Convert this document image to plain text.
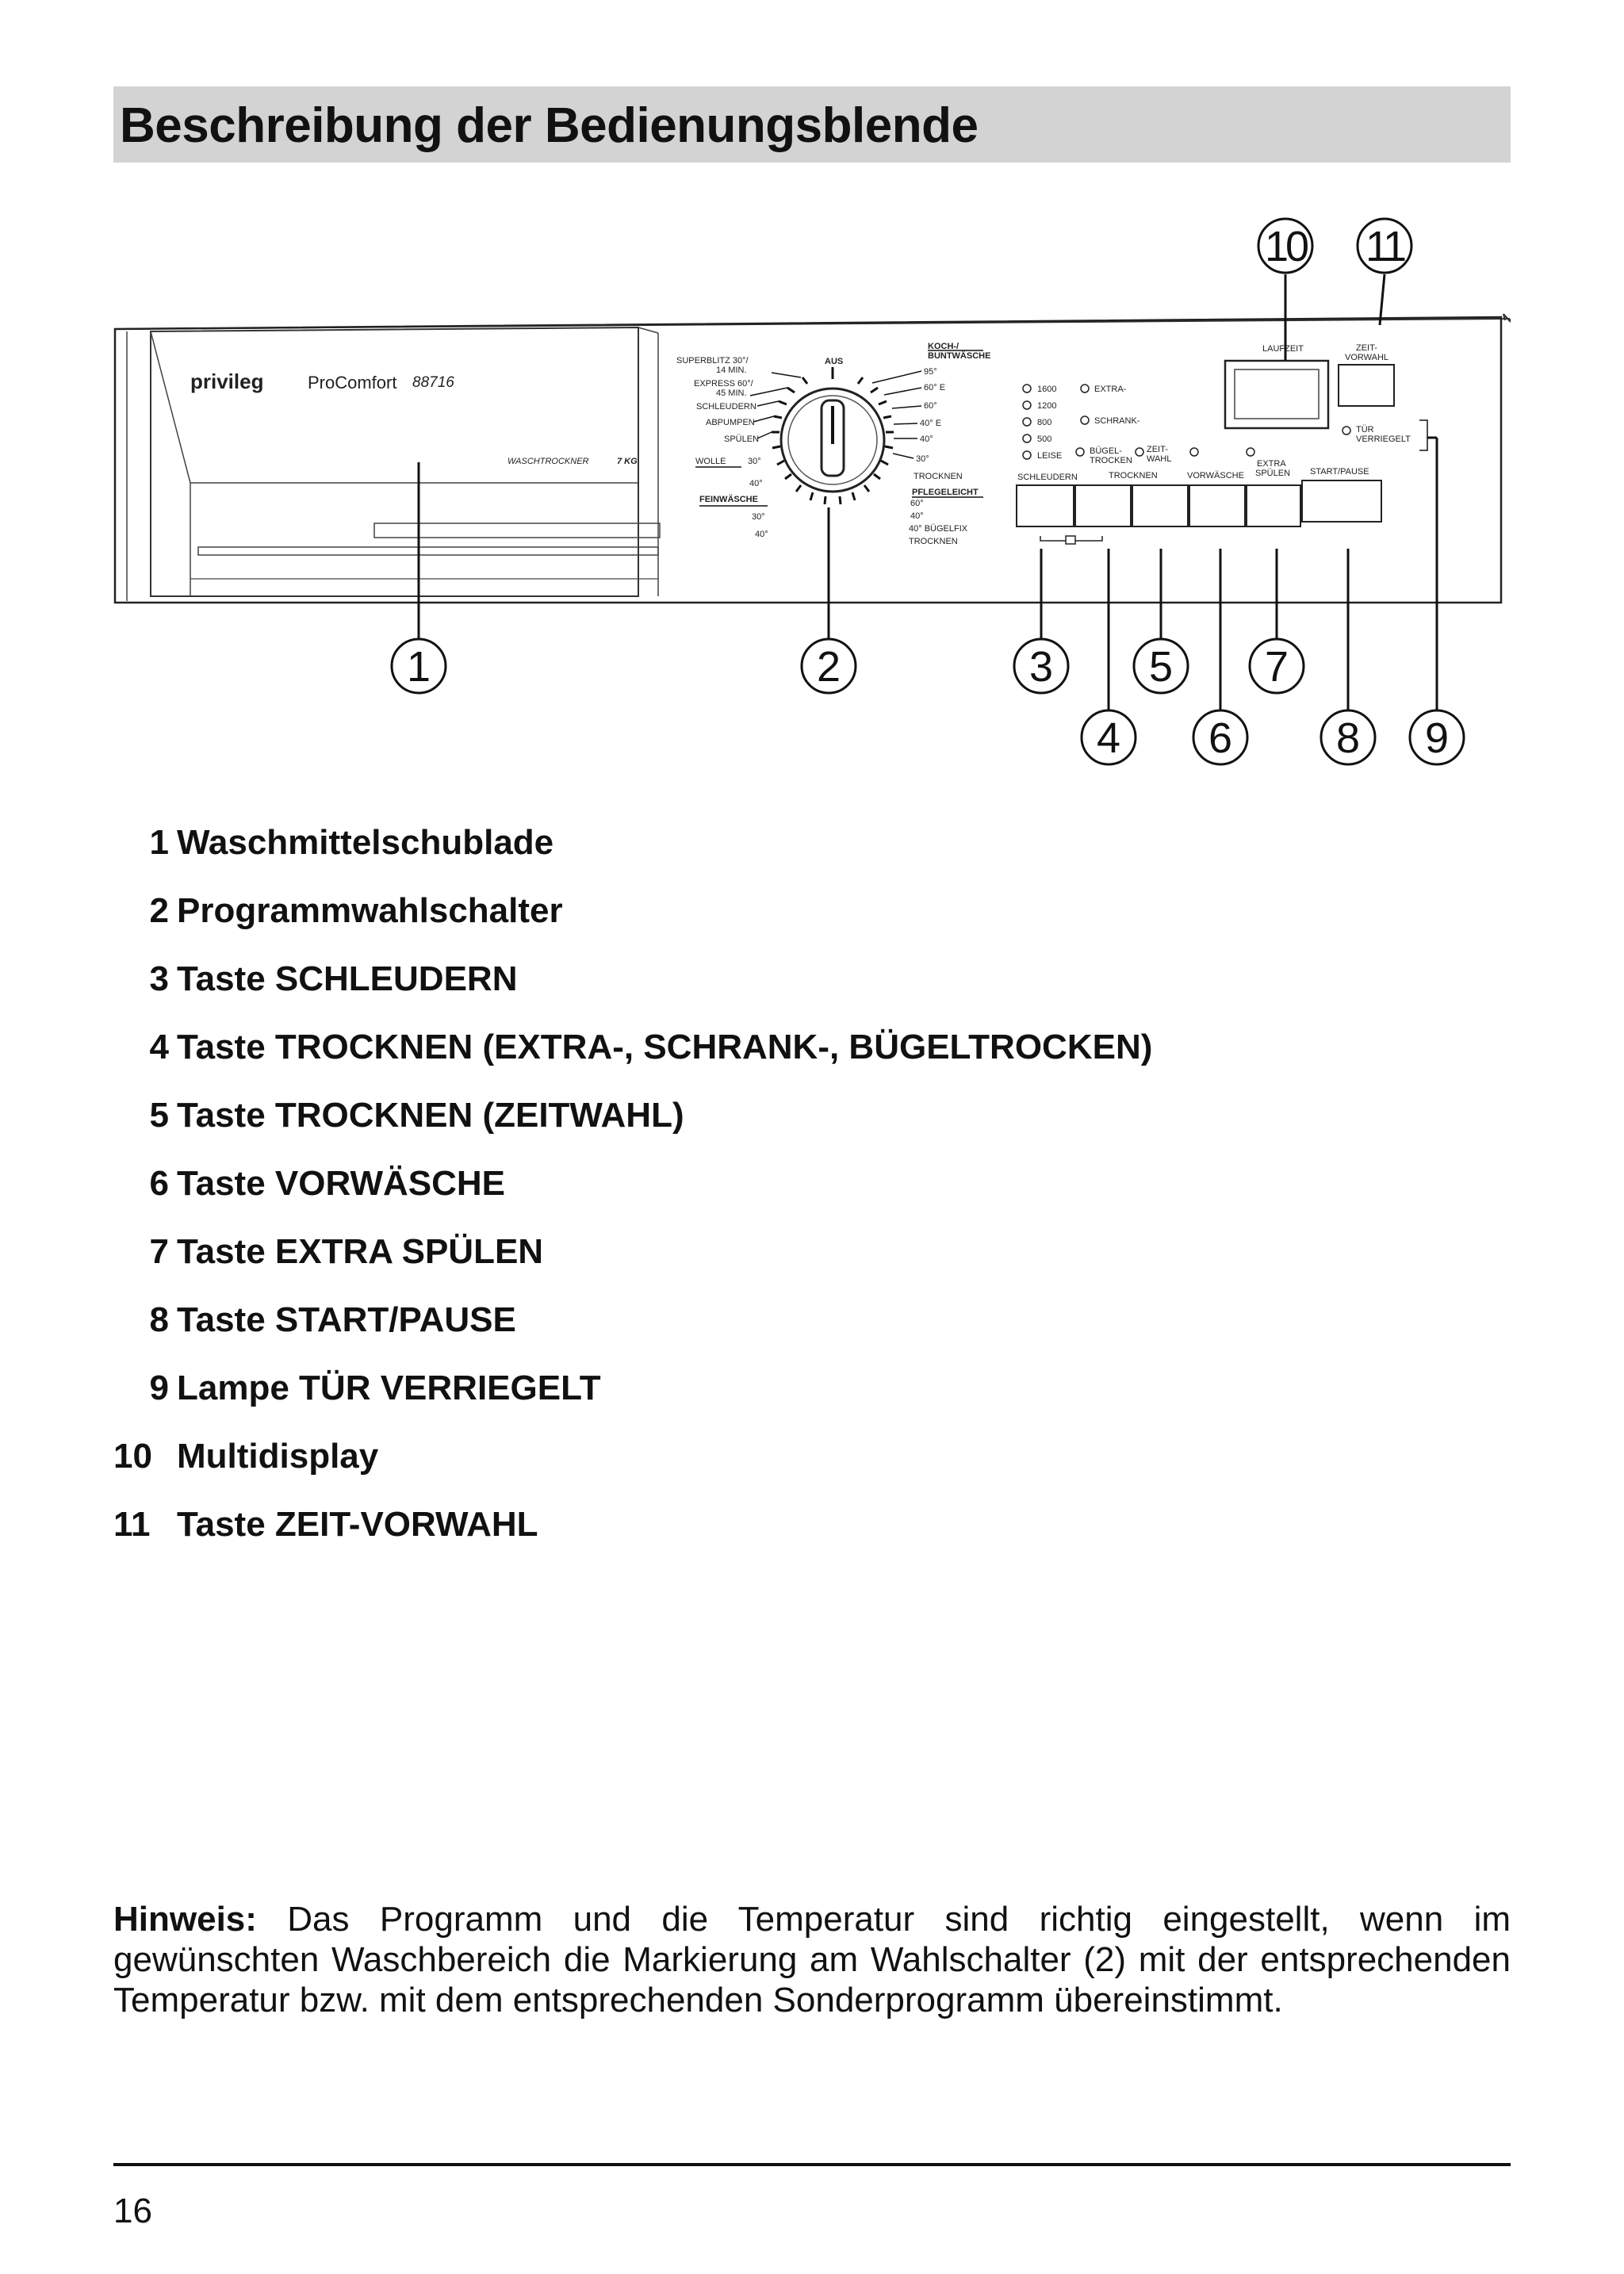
Beschreibung der Bedienungsblende
privileg	ProComfort 88716
WASCHTROCKNER	7 KG
AUS
SUPERBLITZ 30°/
14 MIN.
EXPRESS 60°/
45 MIN.
SCHLEUDERN
ABPUMPEN
SPÜLEN
WOLLE 30°
40°
FEINWÄSCHE
30°
40°
KOCH-/
BUNTWÄSCHE
95°
60° E
60°
40° E
40°
30°
TROCKNEN
PFLEGELEICHT
60°
40°
40° BÜGELFIX
TROCKNEN
1600
1200
800
500
LEISE
EXTRA-
SCHRANK-
BÜGEL-
TROCKEN
ZEIT-
WAHL
LAUFZEIT	ZEIT-
VORWAHL
TÜR
VERRIEGELT
SCHLEUDERN	TROCKNEN	VORWÄSCHE
EXTRA
SPÜLEN START/PAUSE
1	2	3
4
5
6
7
8 9
10 11
1 Waschmittelschublade
2 Programmwahlschalter
3 Taste SCHLEUDERN
4 Taste TROCKNEN (EXTRA-, SCHRANK-, BÜGELTROCKEN)
5 Taste TROCKNEN (ZEITWAHL)
6 Taste VORWÄSCHE
7 Taste EXTRA SPÜLEN
8 Taste START/PAUSE
9 Lampe TÜR VERRIEGELT
10 Multidisplay
11 Taste ZEIT-VORWAHL

Hinweis: Das Programm und die Temperatur sind richtig eingestellt, wenn im gewünschten Waschbereich die Markierung am Wahlschalter (2) mit der entsprechenden Temperatur bzw. mit dem entsprechenden Sonderprogramm übereinstimmt.

16
